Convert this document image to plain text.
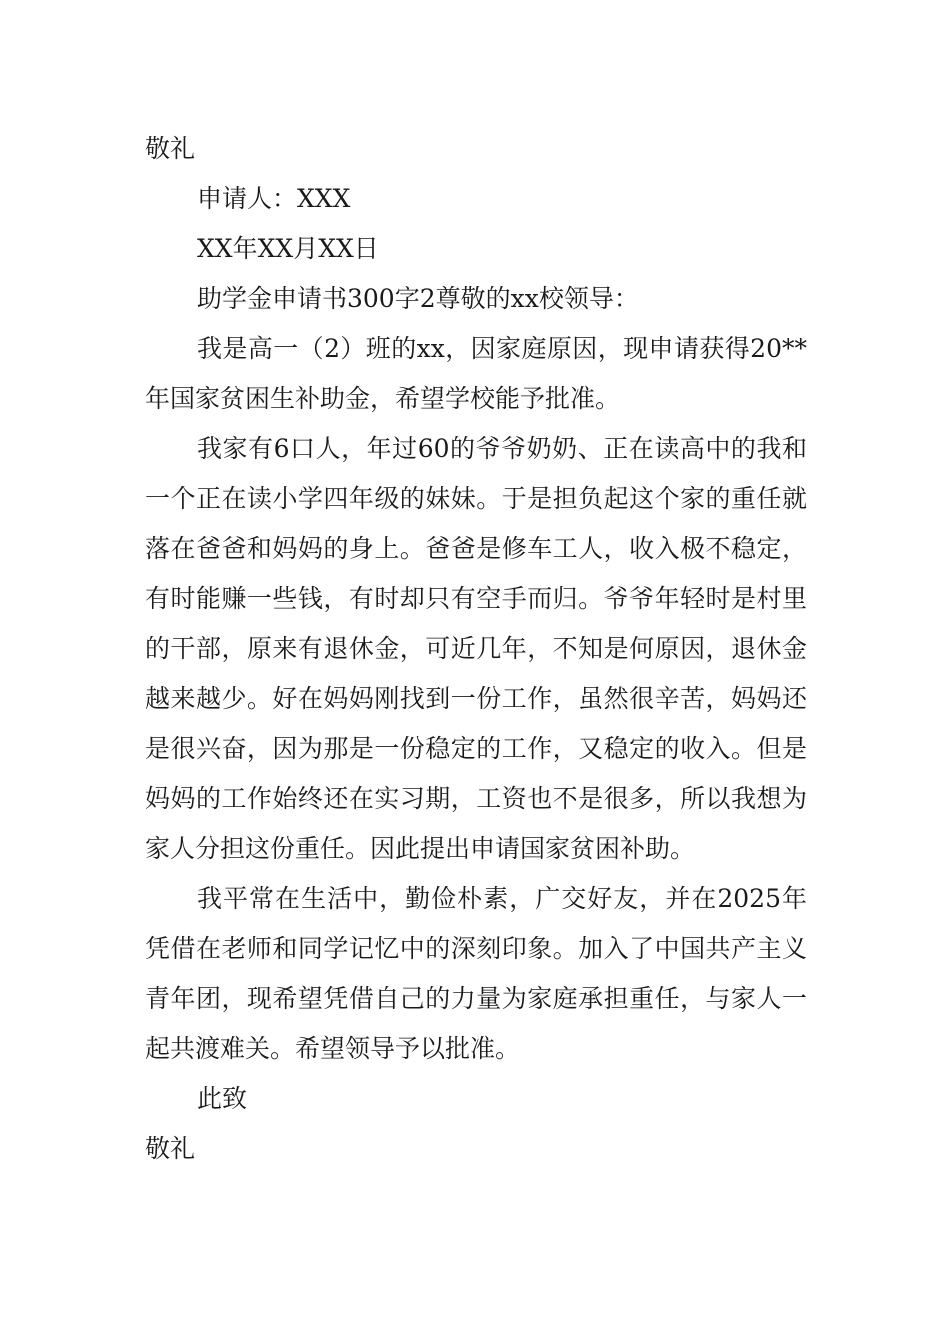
敬礼

申请人：XXX

XX年XX月XX日

助学金申请书300字2尊敬的xx校领导：

我是高一（2）班的xx，因家庭原因，现申请获得20**年国家贫困生补助金，希望学校能予批准。

我家有6口人，年过60的爷爷奶奶、正在读高中的我和一个正在读小学四年级的妹妹。于是担负起这个家的重任就落在爸爸和妈妈的身上。爸爸是修车工人，收入极不稳定，有时能赚一些钱，有时却只有空手而归。爷爷年轻时是村里的干部，原来有退休金，可近几年，不知是何原因，退休金越来越少。好在妈妈刚找到一份工作，虽然很辛苦，妈妈还是很兴奋，因为那是一份稳定的工作，又稳定的收入。但是妈妈的工作始终还在实习期，工资也不是很多，所以我想为家人分担这份重任。因此提出申请国家贫困补助。

我平常在生活中，勤俭朴素，广交好友，并在2025年凭借在老师和同学记忆中的深刻印象。加入了中国共产主义青年团，现希望凭借自己的力量为家庭承担重任，与家人一起共渡难关。希望领导予以批准。

此致

敬礼
